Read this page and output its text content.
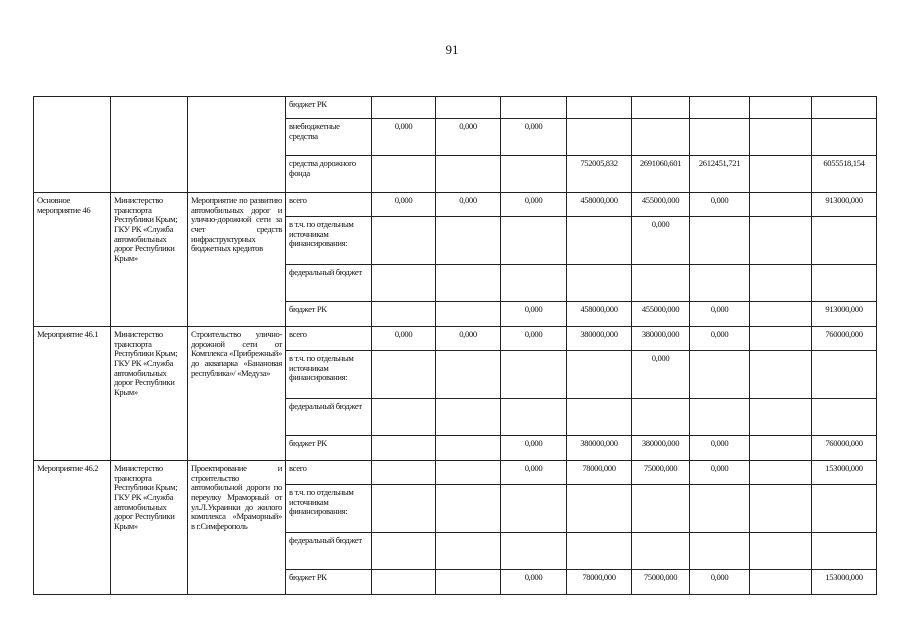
91
			бюджет РК								
			внебюджетные средства	0,000	0,000	0,000					
			средства дорожного фонда				752005,832	2691060,601	2612451,721		6055518,154
Основное мероприятие 46	Министерство транспорта Республики Крым; ГКУ РК «Служба автомобильных дорог Республики Крым»	Мероприятие по развитию автомобильных дорог и улично-дорожной сети за счет средств инфраструктурных бюджетных кредитов	всего	0,000	0,000	0,000	458000,000	455000,000	0,000		913000,000
			в т.ч. по отдельным источникам финансирования:					0,000			
			федеральный бюджет								
			бюджет РК			0,000	458000,000	455000,000	0,000		913000,000
Мероприятие 46.1	Министерство транспорта Республики Крым; ГКУ РК «Служба автомобильных дорог Республики Крым»	Строительство улично-дорожной сети от Комплекса «Прибрежный» до аквапарка «Банановая республика»/ «Медуза»	всего	0,000	0,000	0,000	380000,000	380000,000	0,000		760000,000
			в т.ч. по отдельным источникам финансирования:					0,000			
			федеральный бюджет								
			бюджет РК			0,000	380000,000	380000,000	0,000		760000,000
Мероприятие 46.2	Министерство транспорта Республики Крым; ГКУ РК «Служба автомобильных дорог Республики Крым»	Проектирование и строительство автомобильной дороги по переулку Мраморный от ул.Л.Украинки до жилого комплекса «Мраморный» в г.Симферополь	всего			0,000	78000,000	75000,000	0,000		153000,000
			в т.ч. по отдельным источникам финансирования:								
			федеральный бюджет								
			бюджет РК			0,000	78000,000	75000,000	0,000		153000,000
